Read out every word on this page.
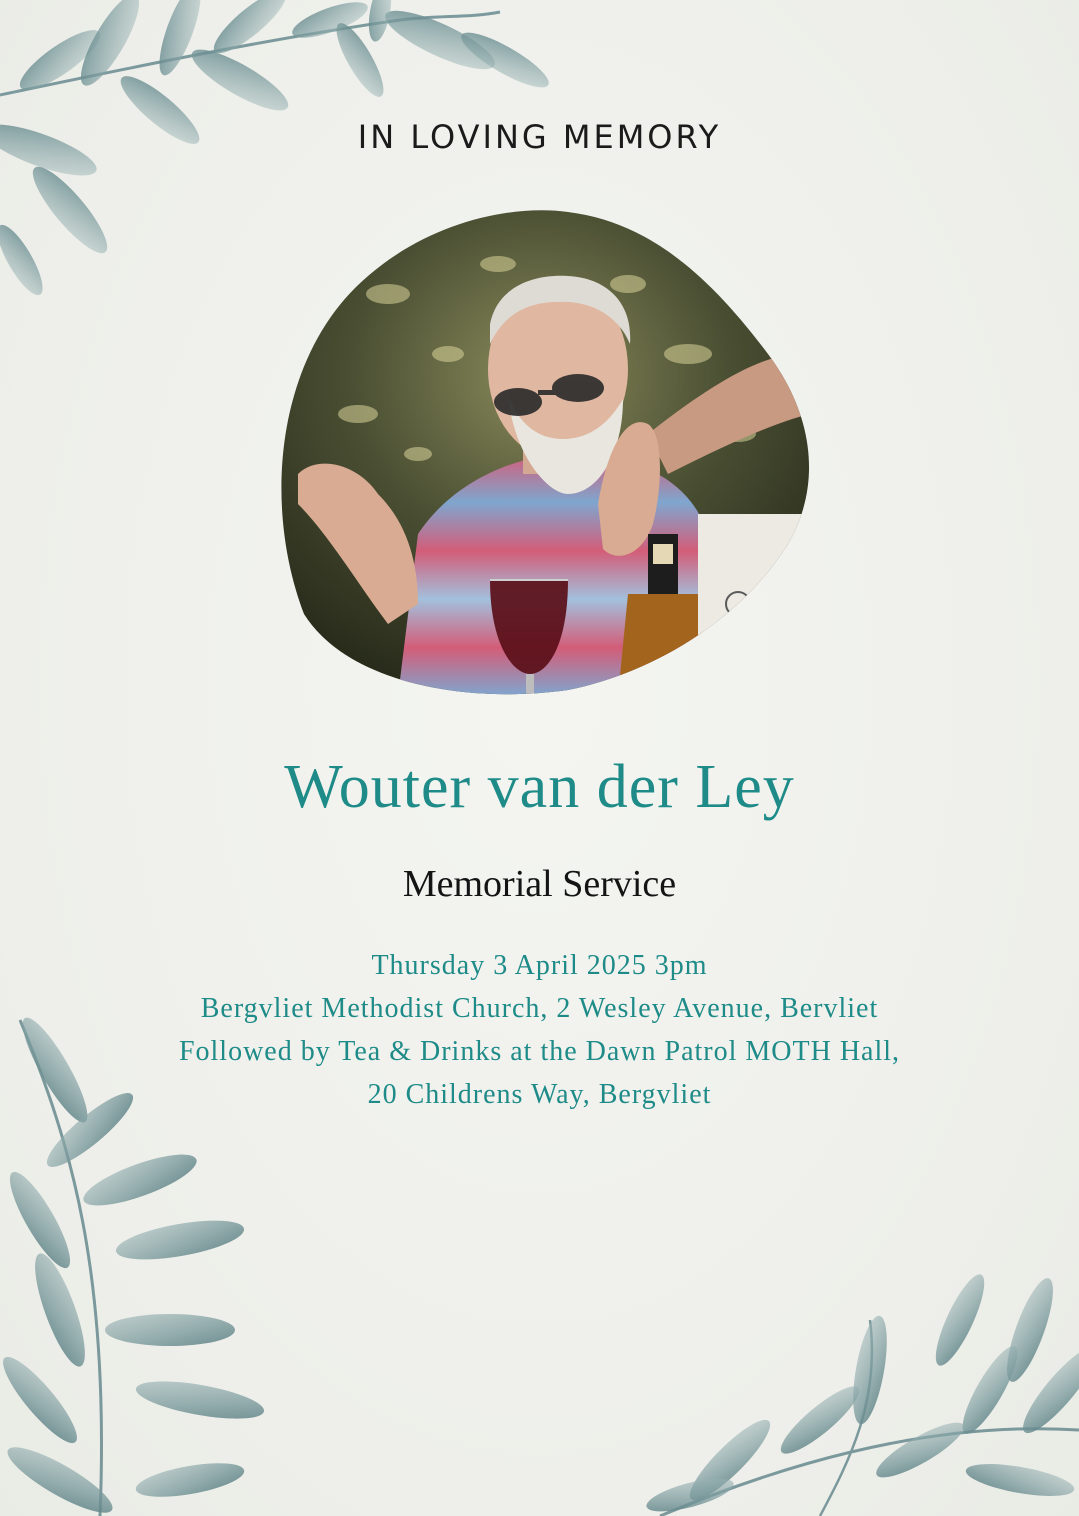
IN LOVING MEMORY
Wouter van der Ley
Memorial Service
Thursday 3 April 2025 3pm
Bergvliet Methodist Church, 2 Wesley Avenue, Bervliet
Followed by Tea & Drinks at the Dawn Patrol MOTH Hall,
20 Childrens Way, Bergvliet
